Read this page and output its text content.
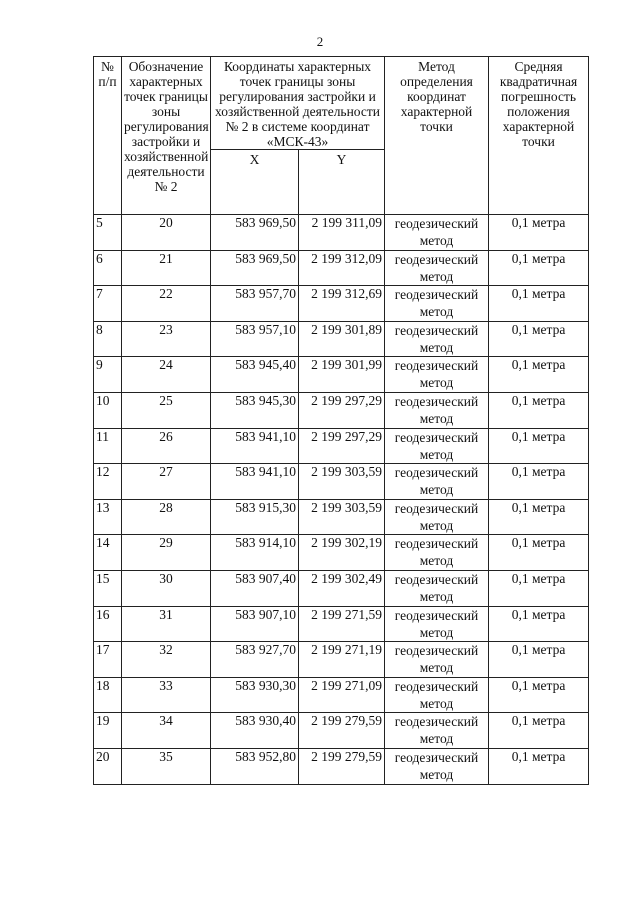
2
№ п/п	Обозначение характерных точек границы зоны регулирования застройки и хозяйственной деятельности № 2	Координаты характерных точек границы зоны регулирования застройки и хозяйственной деятельности № 2 в системе координат «МСК-43»		Метод определения координат характерной точки	Средняя квадратичная погрешность положения характерной точки
		X	Y		
5	20	583 969,50	2 199 311,09	геодезический метод	0,1 метра
6	21	583 969,50	2 199 312,09	геодезический метод	0,1 метра
7	22	583 957,70	2 199 312,69	геодезический метод	0,1 метра
8	23	583 957,10	2 199 301,89	геодезический метод	0,1 метра
9	24	583 945,40	2 199 301,99	геодезический метод	0,1 метра
10	25	583 945,30	2 199 297,29	геодезический метод	0,1 метра
11	26	583 941,10	2 199 297,29	геодезический метод	0,1 метра
12	27	583 941,10	2 199 303,59	геодезический метод	0,1 метра
13	28	583 915,30	2 199 303,59	геодезический метод	0,1 метра
14	29	583 914,10	2 199 302,19	геодезический метод	0,1 метра
15	30	583 907,40	2 199 302,49	геодезический метод	0,1 метра
16	31	583 907,10	2 199 271,59	геодезический метод	0,1 метра
17	32	583 927,70	2 199 271,19	геодезический метод	0,1 метра
18	33	583 930,30	2 199 271,09	геодезический метод	0,1 метра
19	34	583 930,40	2 199 279,59	геодезический метод	0,1 метра
20	35	583 952,80	2 199 279,59	геодезический метод	0,1 метра
